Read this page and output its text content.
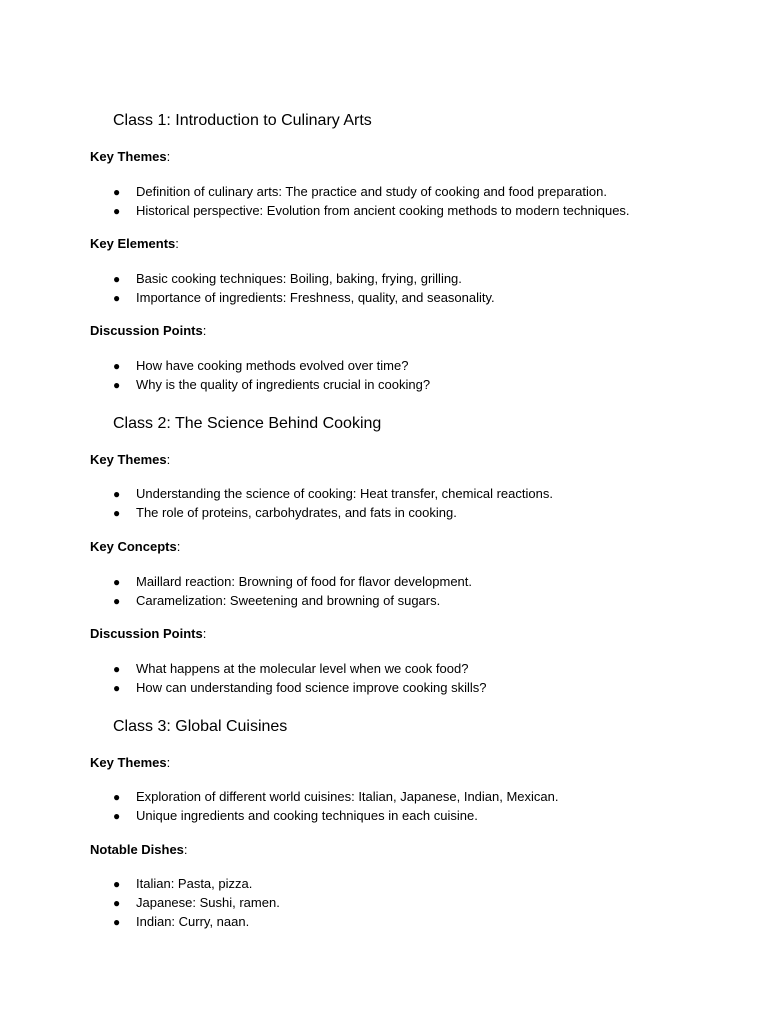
Class 1: Introduction to Culinary Arts

Key Themes:

● Definition of culinary arts: The practice and study of cooking and food preparation.
● Historical perspective: Evolution from ancient cooking methods to modern techniques.

Key Elements:

● Basic cooking techniques: Boiling, baking, frying, grilling.
● Importance of ingredients: Freshness, quality, and seasonality.

Discussion Points:

● How have cooking methods evolved over time?
● Why is the quality of ingredients crucial in cooking?
Class 2: The Science Behind Cooking

Key Themes:

● Understanding the science of cooking: Heat transfer, chemical reactions.
● The role of proteins, carbohydrates, and fats in cooking.

Key Concepts:

● Maillard reaction: Browning of food for flavor development.
● Caramelization: Sweetening and browning of sugars.

Discussion Points:

● What happens at the molecular level when we cook food?
● How can understanding food science improve cooking skills?
Class 3: Global Cuisines

Key Themes:

● Exploration of different world cuisines: Italian, Japanese, Indian, Mexican.
● Unique ingredients and cooking techniques in each cuisine.

Notable Dishes:

● Italian: Pasta, pizza.
● Japanese: Sushi, ramen.
● Indian: Curry, naan.
